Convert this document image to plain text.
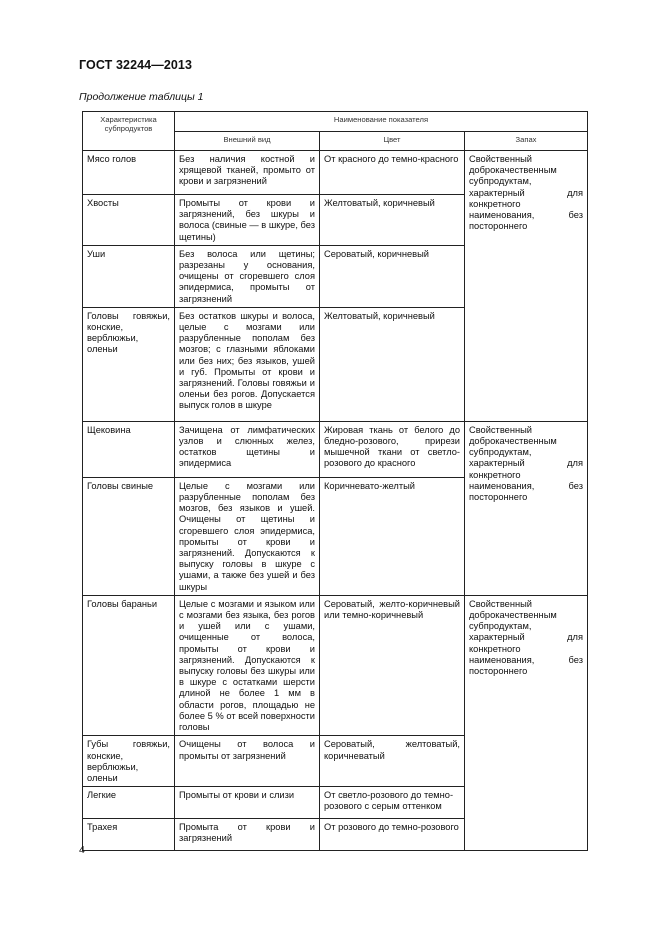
ГОСТ 32244—2013
Продолжение таблицы 1
Характеристика субпродуктов	Наименование показателя		
	Внешний вид	Цвет	Запах
Мясо голов	Без наличия костной и хрящевой тканей, промыто от крови и загрязнений	От красного до темно-красного	Свойственный доброкачественным субпродуктам, характерный для конкретного наименования, без постороннего
Хвосты	Промыты от крови и загрязнений, без шкуры и волоса (свиные — в шкуре, без щетины)	Желтоватый, коричневый	
Уши	Без волоса или щетины; разрезаны у основания, очищены от сгоревшего слоя эпидермиса, промыты от загрязнений	Сероватый, коричневый	
Головы говяжьи, конские, верблюжьи, оленьи	Без остатков шкуры и волоса, целые с мозгами или разрубленные пополам без мозгов; с глазными яблоками или без них; без языков, ушей и губ. Промыты от крови и загрязнений. Головы говяжьи и оленьи без рогов. Допускается выпуск голов в шкуре	Желтоватый, коричневый	
Щековина	Зачищена от лимфатических узлов и слюнных желез, остатков щетины и эпидермиса	Жировая ткань от белого до бледно-розового, прирези мышечной ткани от светло-розового до красного	Свойственный доброкачественным субпродуктам, характерный для конкретного наименования, без постороннего
Головы свиные	Целые с мозгами или разрубленные пополам без мозгов, без языков и ушей. Очищены от щетины и сгоревшего слоя эпидермиса, промыты от крови и загрязнений. Допускаются к выпуску головы в шкуре с ушами, а также без ушей и без шкуры	Коричневато-желтый	
Головы бараньи	Целые с мозгами и языком или с мозгами без языка, без рогов и ушей или с ушами, очищенные от волоса, промыты от крови и загрязнений. Допускаются к выпуску головы без шкуры или в шкуре с остатками шерсти длиной не более 1 мм в области рогов, площадью не более 5 % от всей поверхности головы	Сероватый, желто-коричневый или темно-коричневый	Свойственный доброкачественным субпродуктам, характерный для конкретного наименования, без постороннего
Губы говяжьи, конские, верблюжьи, оленьи	Очищены от волоса и промыты от загрязнений	Сероватый, желтоватый, коричневатый	
Легкие	Промыты от крови и слизи	От светло-розового до темно-розового с серым оттенком	
Трахея	Промыта от крови и загрязнений	От розового до темно-розового	
4
